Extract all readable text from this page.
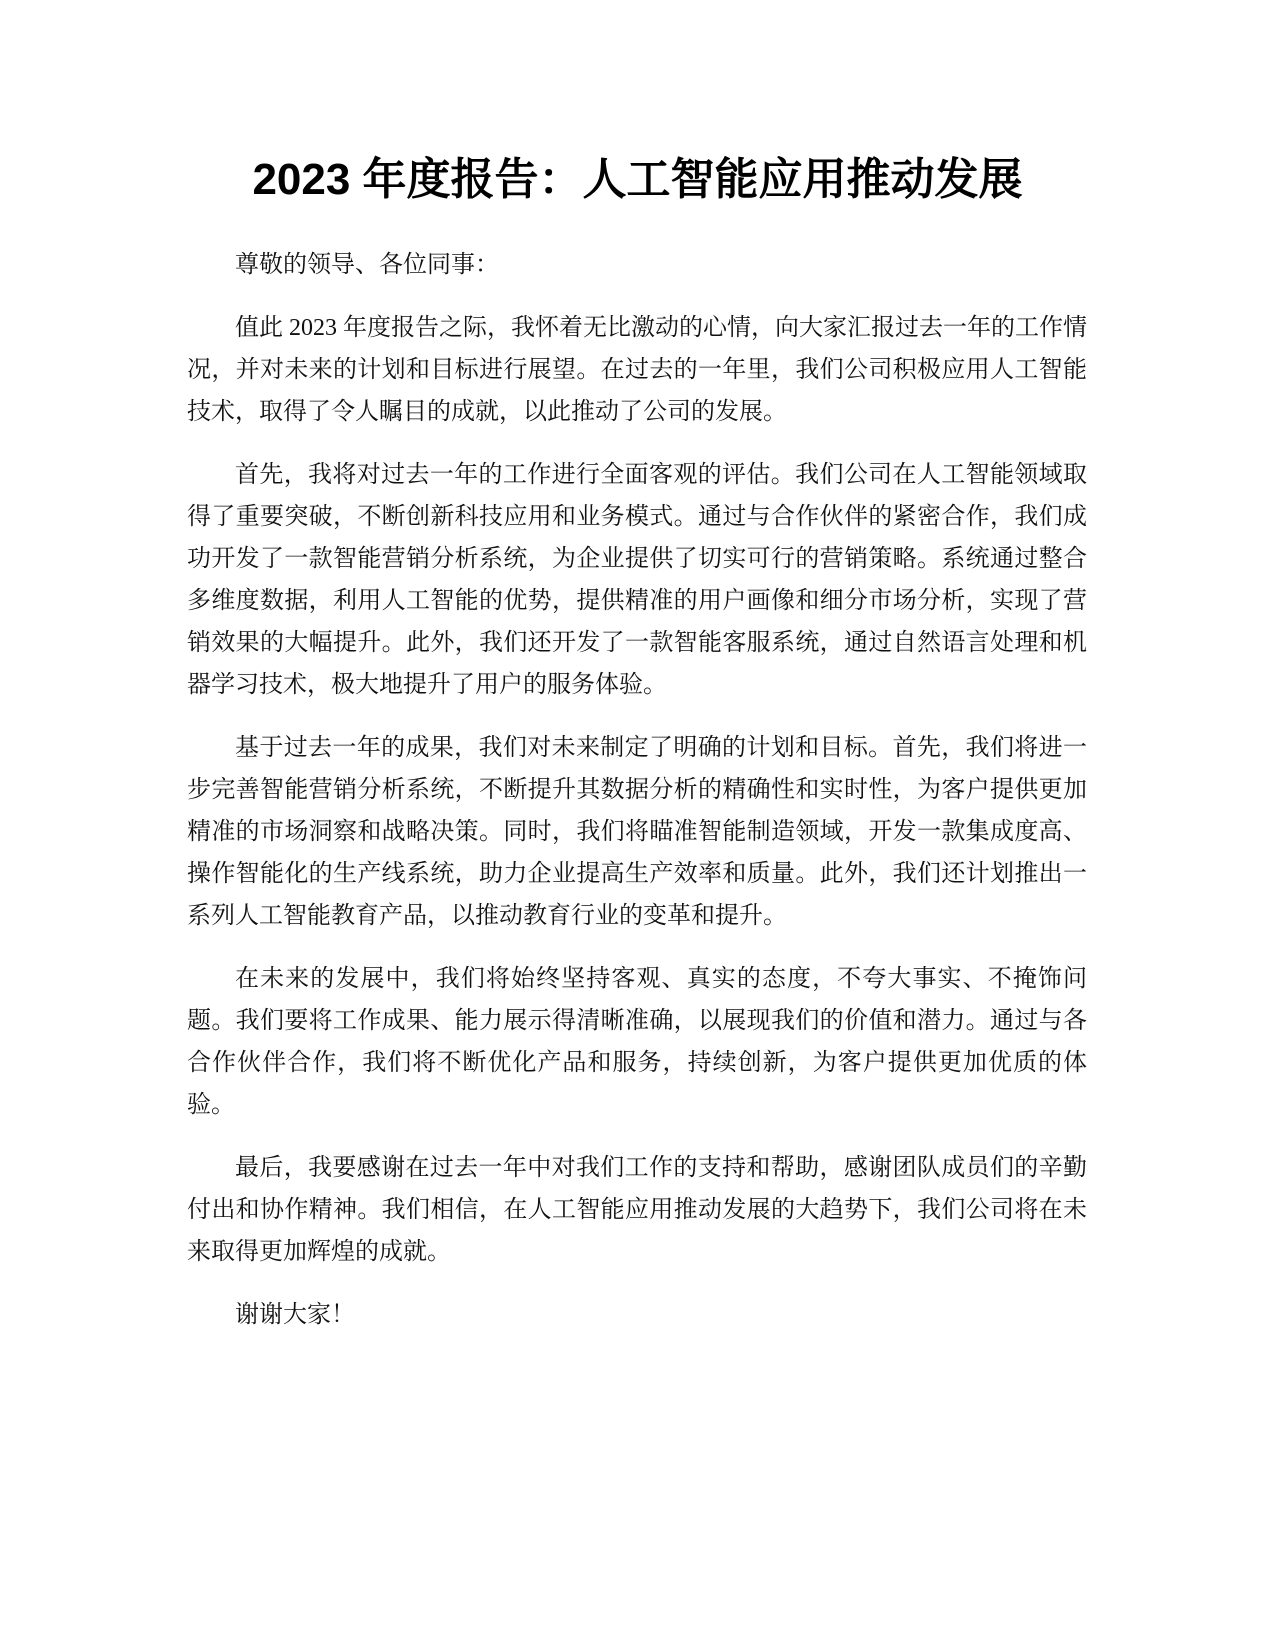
2023 年度报告：人工智能应用推动发展

尊敬的领导、各位同事：

值此 2023 年度报告之际，我怀着无比激动的心情，向大家汇报过去一年的工作情况，并对未来的计划和目标进行展望。在过去的一年里，我们公司积极应用人工智能技术，取得了令人瞩目的成就，以此推动了公司的发展。

首先，我将对过去一年的工作进行全面客观的评估。我们公司在人工智能领域取得了重要突破，不断创新科技应用和业务模式。通过与合作伙伴的紧密合作，我们成功开发了一款智能营销分析系统，为企业提供了切实可行的营销策略。系统通过整合多维度数据，利用人工智能的优势，提供精准的用户画像和细分市场分析，实现了营销效果的大幅提升。此外，我们还开发了一款智能客服系统，通过自然语言处理和机器学习技术，极大地提升了用户的服务体验。

基于过去一年的成果，我们对未来制定了明确的计划和目标。首先，我们将进一步完善智能营销分析系统，不断提升其数据分析的精确性和实时性，为客户提供更加精准的市场洞察和战略决策。同时，我们将瞄准智能制造领域，开发一款集成度高、操作智能化的生产线系统，助力企业提高生产效率和质量。此外，我们还计划推出一系列人工智能教育产品，以推动教育行业的变革和提升。

在未来的发展中，我们将始终坚持客观、真实的态度，不夸大事实、不掩饰问题。我们要将工作成果、能力展示得清晰准确，以展现我们的价值和潜力。通过与各合作伙伴合作，我们将不断优化产品和服务，持续创新，为客户提供更加优质的体验。

最后，我要感谢在过去一年中对我们工作的支持和帮助，感谢团队成员们的辛勤付出和协作精神。我们相信，在人工智能应用推动发展的大趋势下，我们公司将在未来取得更加辉煌的成就。

谢谢大家！
